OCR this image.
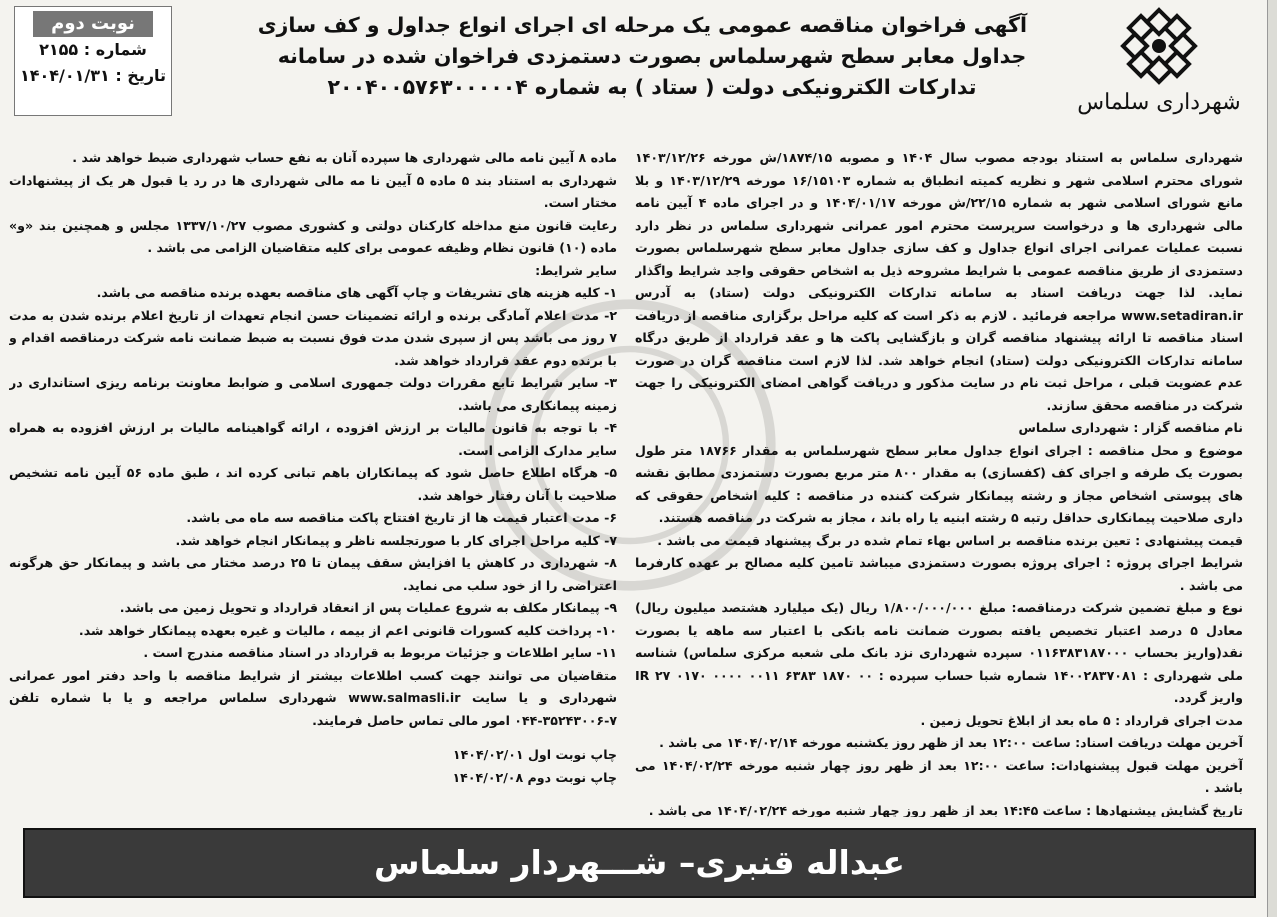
شهرداری سلماس
آگهی فراخوان مناقصه عمومی یک مرحله ای اجرای انواع جداول و کف سازی
جداول معابر سطح شهرسلماس بصورت دستمزدی فراخوان شده در سامانه
تدارکات الکترونیکی دولت ( ستاد ) به شماره ۲۰۰۴۰۰۵۷۶۳۰۰۰۰۰۴
نوبت دوم
شماره : ۲۱۵۵
تاریخ : ۱۴۰۴/۰۱/۳۱

شهرداری سلماس به استناد بودجه مصوب سال ۱۴۰۴ و مصوبه ۱۸۷۴/۱۵/ش مورخه ۱۴۰۳/۱۲/۲۶ شورای محترم اسلامی شهر و نظریه کمیته انطباق به شماره ۱۶/۱۵۱۰۳ مورخه ۱۴۰۳/۱۲/۲۹ و بلا مانع شورای اسلامی شهر به شماره ۲۲/۱۵/ش مورخه ۱۴۰۴/۰۱/۱۷ و در اجرای ماده ۴ آیین نامه مالی شهرداری ها و درخواست سرپرست محترم امور عمرانی شهرداری سلماس در نظر دارد نسبت عملیات عمرانی اجرای انواع جداول و کف سازی جداول معابر سطح شهرسلماس بصورت دستمزدی از طریق مناقصه عمومی با شرایط مشروحه ذیل به اشخاص حقوقی واجد شرایط واگذار نماید. لذا جهت دریافت اسناد به سامانه تدارکات الکترونیکی دولت (ستاد) به آدرس www.setadiran.ir مراجعه فرمائید . لازم به ذکر است که کلیه مراحل برگزاری مناقصه از دریافت اسناد مناقصه تا ارائه پیشنهاد مناقصه گران و بازگشایی پاکت ها و عقد قرارداد از طریق درگاه سامانه تدارکات الکترونیکی دولت (ستاد) انجام خواهد شد. لذا لازم است مناقصه گران در صورت عدم عضویت قبلی ، مراحل ثبت نام در سایت مذکور و دریافت گواهی امضای الکترونیکی را جهت شرکت در مناقصه محقق سازند.

نام مناقصه گزار : شهرداری سلماس

موضوع و محل مناقصه : اجرای انواع جداول معابر سطح شهرسلماس به مقدار ۱۸۷۶۶ متر طول بصورت یک طرفه و اجرای کف (کفسازی) به مقدار ۸۰۰ متر مربع بصورت دستمزدی مطابق نقشه های پیوستی اشخاص مجاز و رشته پیمانکار شرکت کننده در مناقصه : کلیه اشخاص حقوقی که داری صلاحیت پیمانکاری حداقل رتبه ۵ رشته ابنیه یا راه باند ، مجاز به شرکت در مناقصه هستند.

قیمت پیشنهادی : تعین برنده مناقصه بر اساس بهاء تمام شده در برگ پیشنهاد قیمت می باشد .

شرایط اجرای پروژه : اجرای پروژه بصورت دستمزدی میباشد تامین کلیه مصالح بر عهده کارفرما می باشد .

نوع و مبلغ تضمین شرکت درمناقصه: مبلغ ۱/۸۰۰/۰۰۰/۰۰۰ ریال (یک میلیارد هشتصد میلیون ریال) معادل ۵ درصد اعتبار تخصیص یافته بصورت ضمانت نامه بانکی با اعتبار سه ماهه یا بصورت نقد(واریز بحساب ۰۱۱۶۳۸۳۱۸۷۰۰۰ سپرده شهرداری نزد بانک ملی شعبه مرکزی سلماس) شناسه ملی شهرداری : ۱۴۰۰۲۸۳۷۰۸۱ شماره شبا حساب سپرده : IR ۲۷ ۰۱۷۰ ۰۰۰۰ ۰۰۱۱ ۶۳۸۳ ۱۸۷۰ ۰۰ واریز گردد.

مدت اجرای قرارداد : ۵ ماه بعد از ابلاغ تحویل زمین .

آخرین مهلت دریافت اسناد: ساعت ۱۲:۰۰ بعد از ظهر روز یکشنبه مورخه ۱۴۰۴/۰۲/۱۴ می باشد .

آخرین مهلت قبول پیشنهادات: ساعت ۱۲:۰۰ بعد از ظهر روز چهار شنبه مورخه ۱۴۰۴/۰۲/۲۴ می باشد .

تاریخ گشایش پیشنهادها : ساعت ۱۴:۴۵ بعد از ظهر روز چهار شنبه مورخه ۱۴۰۴/۰۲/۲۴ می باشد .

ماده ۸ آیین نامه مالی شهرداری ها سپرده آنان به نفع حساب شهرداری ضبط خواهد شد .

شهرداری به استناد بند ۵ ماده ۵ آیین نا مه مالی شهرداری ها در رد یا قبول هر یک از پیشنهادات مختار است.

رعایت قانون منع مداخله کارکنان دولتی و کشوری مصوب ۱۳۳۷/۱۰/۲۷ مجلس و همچنین بند «و» ماده (۱۰) قانون نظام وظیفه عمومی برای کلیه متقاضیان الزامی می باشد .

سایر شرایط:

۱- کلیه هزینه های تشریفات و چاپ آگهی های مناقصه بعهده برنده مناقصه می باشد.

۲- مدت اعلام آمادگی برنده و ارائه تضمینات حسن انجام تعهدات از تاریخ اعلام برنده شدن به مدت ۷ روز می باشد پس از سپری شدن مدت فوق نسبت به ضبط ضمانت نامه شرکت درمناقصه اقدام و با برنده دوم عقد قرارداد خواهد شد.

۳- سایر شرایط تابع مقررات دولت جمهوری اسلامی و ضوابط معاونت برنامه ریزی استانداری در زمینه پیمانکاری می باشد.

۴- با توجه به قانون مالیات بر ارزش افزوده ، ارائه گواهینامه مالیات بر ارزش افزوده به همراه سایر مدارک الزامی است.

۵- هرگاه اطلاع حاصل شود که پیمانکاران باهم تبانی کرده اند ، طبق ماده ۵۶ آیین نامه تشخیص صلاحیت با آنان رفتار خواهد شد.

۶- مدت اعتبار قیمت ها از تاریخ افتتاح پاکت مناقصه سه ماه می باشد.

۷- کلیه مراحل اجرای کار با صورتجلسه ناظر و پیمانکار انجام خواهد شد.

۸- شهرداری در کاهش یا افزایش سقف پیمان تا ۲۵ درصد مختار می باشد و پیمانکار حق هرگونه اعتراضی را از خود سلب می نماید.

۹- پیمانکار مکلف به شروع عملیات پس از انعقاد قرارداد و تحویل زمین می باشد.

۱۰- پرداخت کلیه کسورات قانونی اعم از بیمه ، مالیات و غیره بعهده پیمانکار خواهد شد.

۱۱- سایر اطلاعات و جزئیات مربوط به قرارداد در اسناد مناقصه مندرج است .

متقاضیان می توانند جهت کسب اطلاعات بیشتر از شرایط مناقصه با واحد دفتر امور عمرانی شهرداری و یا سایت www.salmasli.ir شهرداری سلماس مراجعه و یا با شماره تلفن ۷-۳۵۲۴۳۰۰۶-۰۴۴ امور مالی تماس حاصل فرمایند.

چاپ نوبت اول ۱۴۰۴/۰۲/۰۱

چاپ نوبت دوم ۱۴۰۴/۰۲/۰۸

عبداله قنبری– شـــهردار سلماس
